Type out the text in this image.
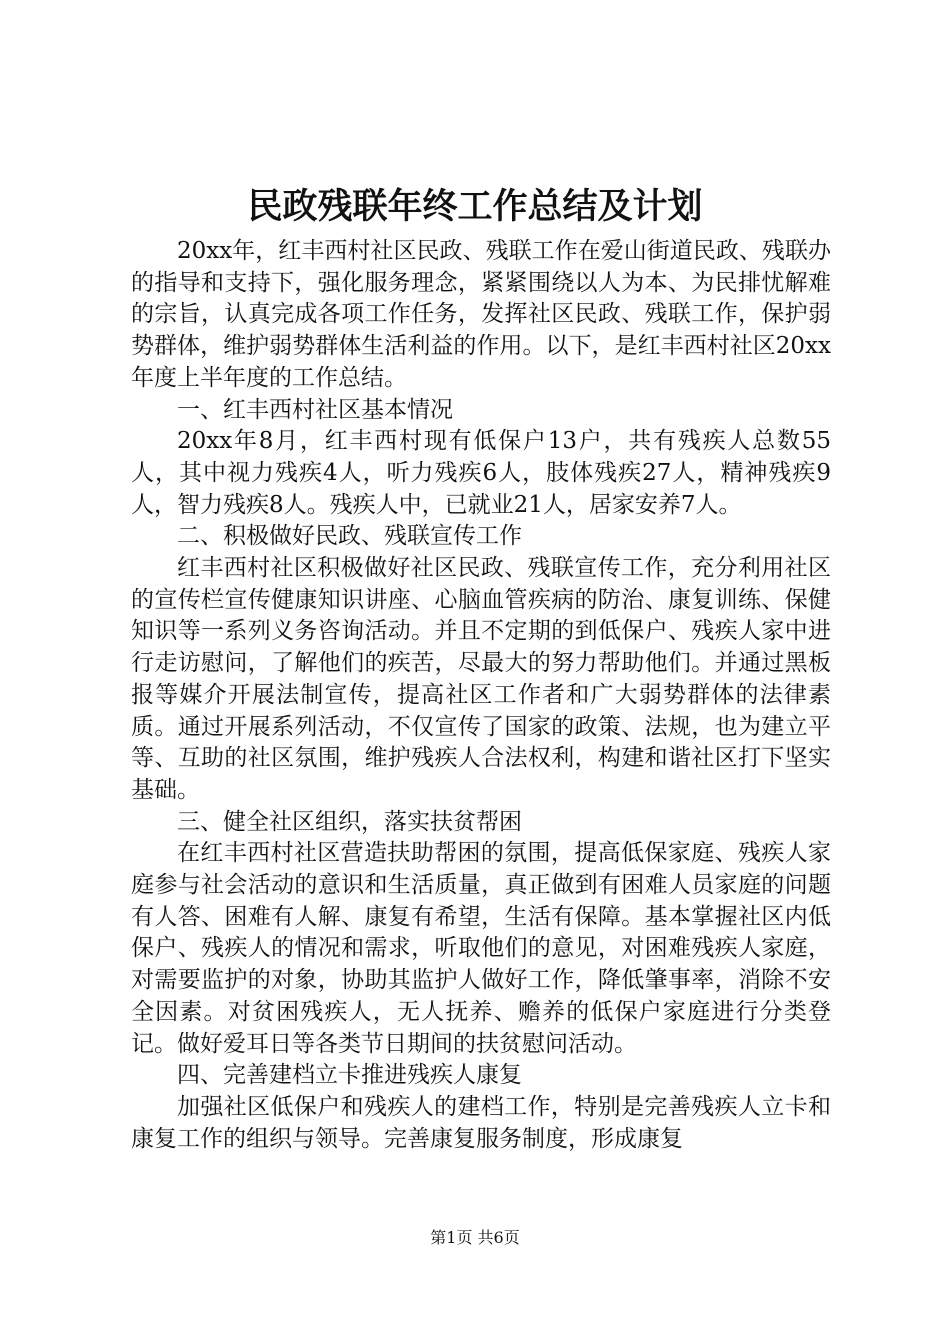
民政残联年终工作总结及计划

20xx年，红丰西村社区民政、残联工作在爱山街道民政、残联办的指导和支持下，强化服务理念，紧紧围绕以人为本、为民排忧解难的宗旨，认真完成各项工作任务，发挥社区民政、残联工作，保护弱势群体，维护弱势群体生活利益的作用。以下，是红丰西村社区20xx年度上半年度的工作总结。

一、红丰西村社区基本情况

20xx年8月，红丰西村现有低保户13户，共有残疾人总数55人，其中视力残疾4人，听力残疾6人，肢体残疾27人，精神残疾9人，智力残疾8人。残疾人中，已就业21人，居家安养7人。

二、积极做好民政、残联宣传工作

红丰西村社区积极做好社区民政、残联宣传工作，充分利用社区的宣传栏宣传健康知识讲座、心脑血管疾病的防治、康复训练、保健知识等一系列义务咨询活动。并且不定期的到低保户、残疾人家中进行走访慰问，了解他们的疾苦，尽最大的努力帮助他们。并通过黑板报等媒介开展法制宣传，提高社区工作者和广大弱势群体的法律素质。通过开展系列活动，不仅宣传了国家的政策、法规，也为建立平等、互助的社区氛围，维护残疾人合法权利，构建和谐社区打下坚实基础。

三、健全社区组织，落实扶贫帮困

在红丰西村社区营造扶助帮困的氛围，提高低保家庭、残疾人家庭参与社会活动的意识和生活质量，真正做到有困难人员家庭的问题有人答、困难有人解、康复有希望，生活有保障。基本掌握社区内低保户、残疾人的情况和需求，听取他们的意见，对困难残疾人家庭，对需要监护的对象，协助其监护人做好工作，降低肇事率，消除不安全因素。对贫困残疾人，无人抚养、赡养的低保户家庭进行分类登记。做好爱耳日等各类节日期间的扶贫慰问活动。

四、完善建档立卡推进残疾人康复

加强社区低保户和残疾人的建档工作，特别是完善残疾人立卡和康复工作的组织与领导。完善康复服务制度，形成康复

第1页 共6页
